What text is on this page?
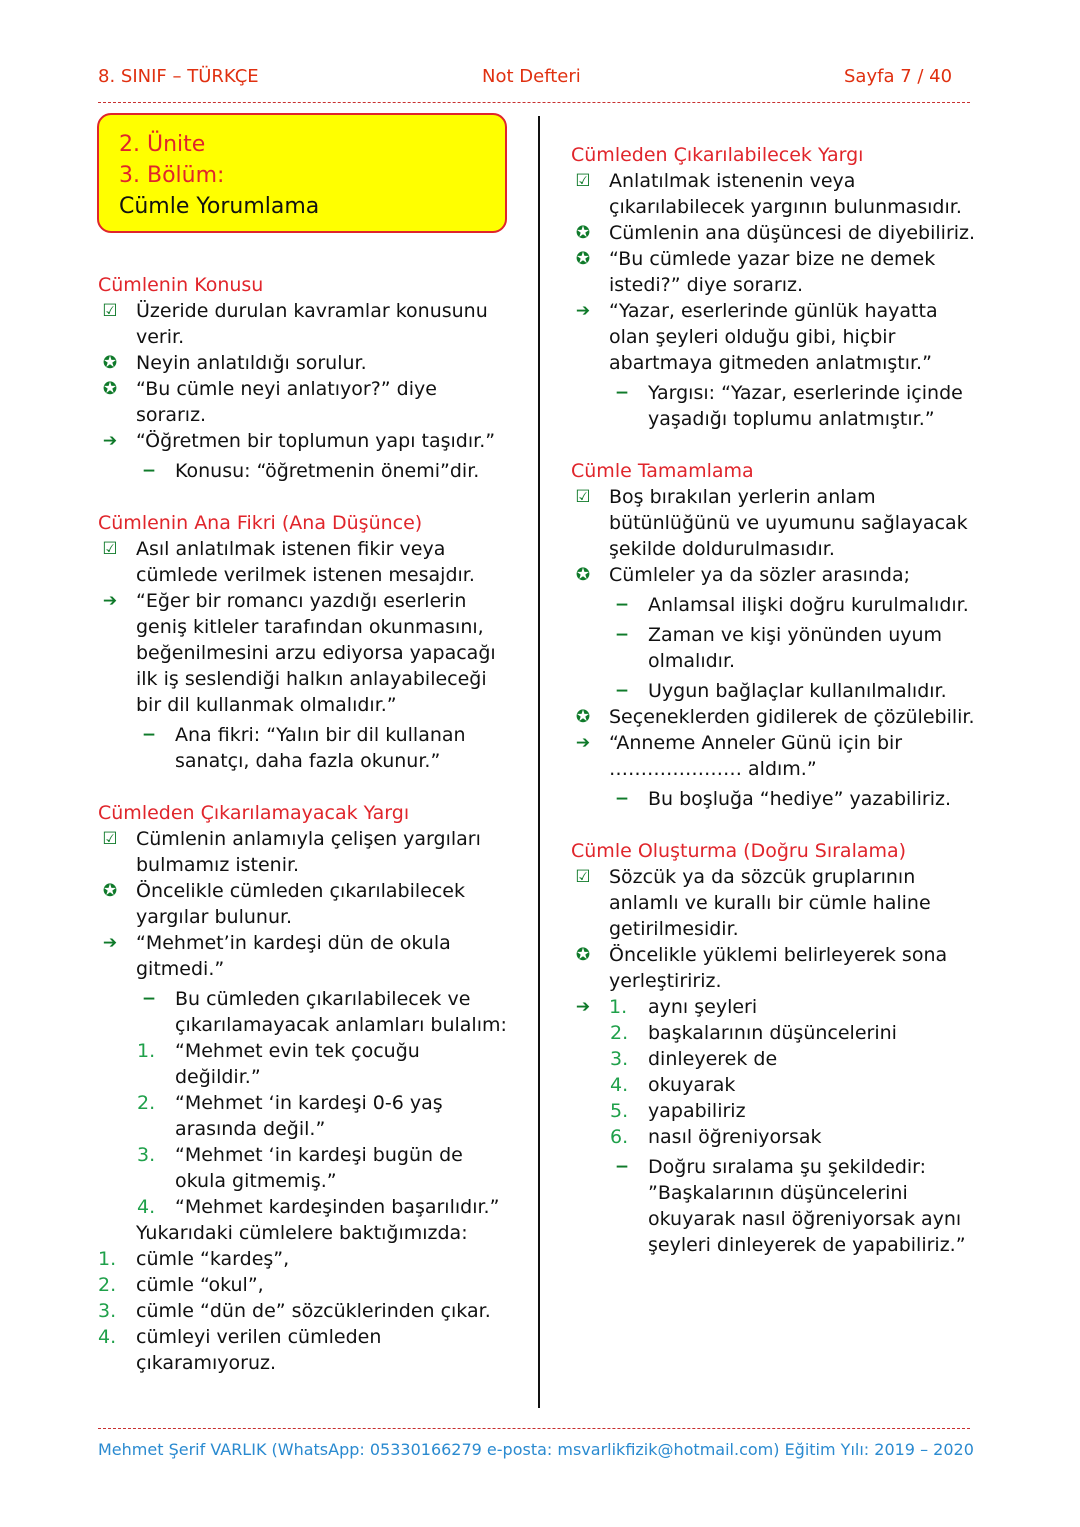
8. SINIF – TÜRKÇE	Not Defteri	Sayfa 7 / 40
2. Ünite
3. Bölüm:
Cümle Yorumlama
Cümlenin Konusu
☑ Üzeride durulan kavramlar konusunu verir.
✪ Neyin anlatıldığı sorulur.
✪ “Bu cümle neyi anlatıyor?” diye sorarız.
➔ “Öğretmen bir toplumun yapı taşıdır.”
− Konusu: “öğretmenin önemi”dir.
Cümlenin Ana Fikri (Ana Düşünce)
☑ Asıl anlatılmak istenen fikir veya cümlede verilmek istenen mesajdır.
➔ “Eğer bir romancı yazdığı eserlerin geniş kitleler tarafından okunmasını, beğenilmesini arzu ediyorsa yapacağı ilk iş seslendiği halkın anlayabileceği bir dil kullanmak olmalıdır.”
− Ana fikri: “Yalın bir dil kullanan sanatçı, daha fazla okunur.”
Cümleden Çıkarılamayacak Yargı
☑ Cümlenin anlamıyla çelişen yargıları bulmamız istenir.
✪ Öncelikle cümleden çıkarılabilecek yargılar bulunur.
➔ “Mehmet’in kardeşi dün de okula gitmedi.”
− Bu cümleden çıkarılabilecek ve çıkarılamayacak anlamları bulalım:
1.	“Mehmet evin tek çocuğu değildir.”
2.	“Mehmet ‘in kardeşi 0-6 yaş arasında değil.”
3.	“Mehmet ‘in kardeşi bugün de okula gitmemiş.”
4.	“Mehmet kardeşinden başarılıdır.”
Yukarıdaki cümlelere baktığımızda:
1.	cümle “kardeş”,
2.	cümle “okul”,
3.	cümle “dün de” sözcüklerinden çıkar.
4.	cümleyi verilen cümleden çıkaramıyoruz.
Cümleden Çıkarılabilecek Yargı
☑ Anlatılmak istenenin veya çıkarılabilecek yargının bulunmasıdır.
✪ Cümlenin ana düşüncesi de diyebiliriz.
✪ “Bu cümlede yazar bize ne demek istedi?” diye sorarız.
➔ “Yazar, eserlerinde günlük hayatta olan şeyleri olduğu gibi, hiçbir abartmaya gitmeden anlatmıştır.”
− Yargısı: “Yazar, eserlerinde içinde yaşadığı toplumu anlatmıştır.”
Cümle Tamamlama
☑ Boş bırakılan yerlerin anlam bütünlüğünü ve uyumunu sağlayacak şekilde doldurulmasıdır.
✪ Cümleler ya da sözler arasında;
− Anlamsal ilişki doğru kurulmalıdır.
− Zaman ve kişi yönünden uyum olmalıdır.
− Uygun bağlaçlar kullanılmalıdır.
✪ Seçeneklerden gidilerek de çözülebilir.
➔ “Anneme Anneler Günü için bir ………………… aldım.”
− Bu boşluğa “hediye” yazabiliriz.
Cümle Oluşturma (Doğru Sıralama)
☑ Sözcük ya da sözcük gruplarının anlamlı ve kurallı bir cümle haline getirilmesidir.
✪ Öncelikle yüklemi belirleyerek sona yerleştiririz.
➔ 1.	aynı şeyleri
2.	başkalarının düşüncelerini
3.	dinleyerek de
4.	okuyarak
5.	yapabiliriz
6.	nasıl öğreniyorsak
− Doğru sıralama şu şekildedir: ”Başkalarının düşüncelerini okuyarak nasıl öğreniyorsak aynı şeyleri dinleyerek de yapabiliriz.”
Mehmet Şerif VARLIK (WhatsApp: 05330166279 e-posta: msvarlikfizik@hotmail.com) Eğitim Yılı: 2019 – 2020
